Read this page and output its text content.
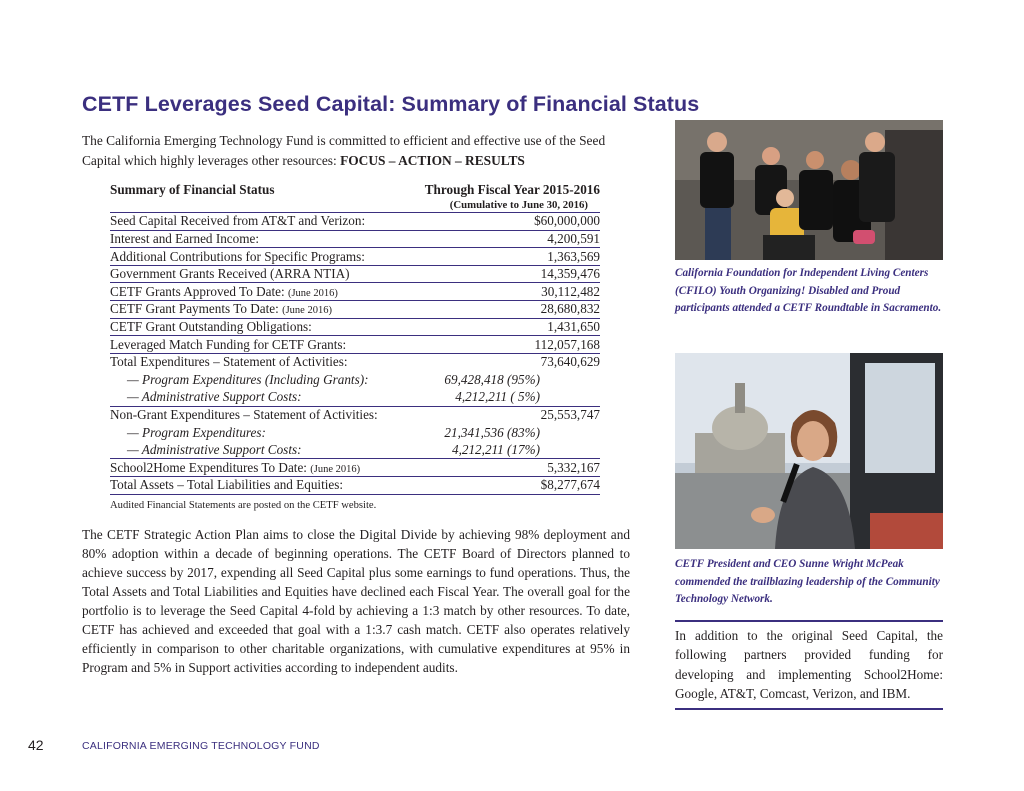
CETF Leverages Seed Capital: Summary of Financial Status

The California Emerging Technology Fund is committed to efficient and effective use of the Seed Capital which highly leverages other resources: FOCUS – ACTION – RESULTS

Summary of Financial Status		Through Fiscal Year 2015-2016
		(Cumulative to June 30, 2016)
Seed Capital Received from AT&T and Verizon:		$60,000,000
Interest and Earned Income:		4,200,591
Additional Contributions for Specific Programs:		1,363,569
Government Grants Received (ARRA NTIA)		14,359,476
CETF Grants Approved To Date: (June 2016)		30,112,482
CETF Grant Payments To Date: (June 2016)		28,680,832
CETF Grant Outstanding Obligations:		1,431,650
Leveraged Match Funding for CETF Grants:		112,057,168
Total Expenditures – Statement of Activities:		73,640,629
— Program Expenditures (Including Grants):	69,428,418 (95%)
— Administrative Support Costs:	4,212,211 ( 5%)
Non-Grant Expenditures – Statement of Activities:		25,553,747
— Program Expenditures:	21,341,536 (83%)
— Administrative Support Costs:	4,212,211 (17%)
School2Home Expenditures To Date: (June 2016)		5,332,167
Total Assets – Total Liabilities and Equities:		$8,277,674
Audited Financial Statements are posted on the CETF website.	

The CETF Strategic Action Plan aims to close the Digital Divide by achieving 98% deployment and 80% adoption within a decade of beginning operations. The CETF Board of Directors planned to achieve success by 2017, expending all Seed Capital plus some earnings to fund operations. Thus, the Total Assets and Total Liabilities and Equities have declined each Fiscal Year. The overall goal for the portfolio is to leverage the Seed Capital 4-fold by achieving a 1:3 match by other resources. To date, CETF has achieved and exceeded that goal with a 1:3.7 cash match. CETF also operates relatively efficiently in comparison to other charitable organizations, with cumulative expenditures at 95% in Program and 5% in Support activities according to independent audits.

California Foundation for Independent Living Centers (CFILO) Youth Organizing! Disabled and Proud participants attended a CETF Roundtable in Sacramento.

CETF President and CEO Sunne Wright McPeak commended the trailblazing leadership of the Community Technology Network.

In addition to the original Seed Capital, the following partners provided funding for developing and implementing School2Home: Google, AT&T, Comcast, Verizon, and IBM.
42	CALIFORNIA EMERGING TECHNOLOGY FUND
